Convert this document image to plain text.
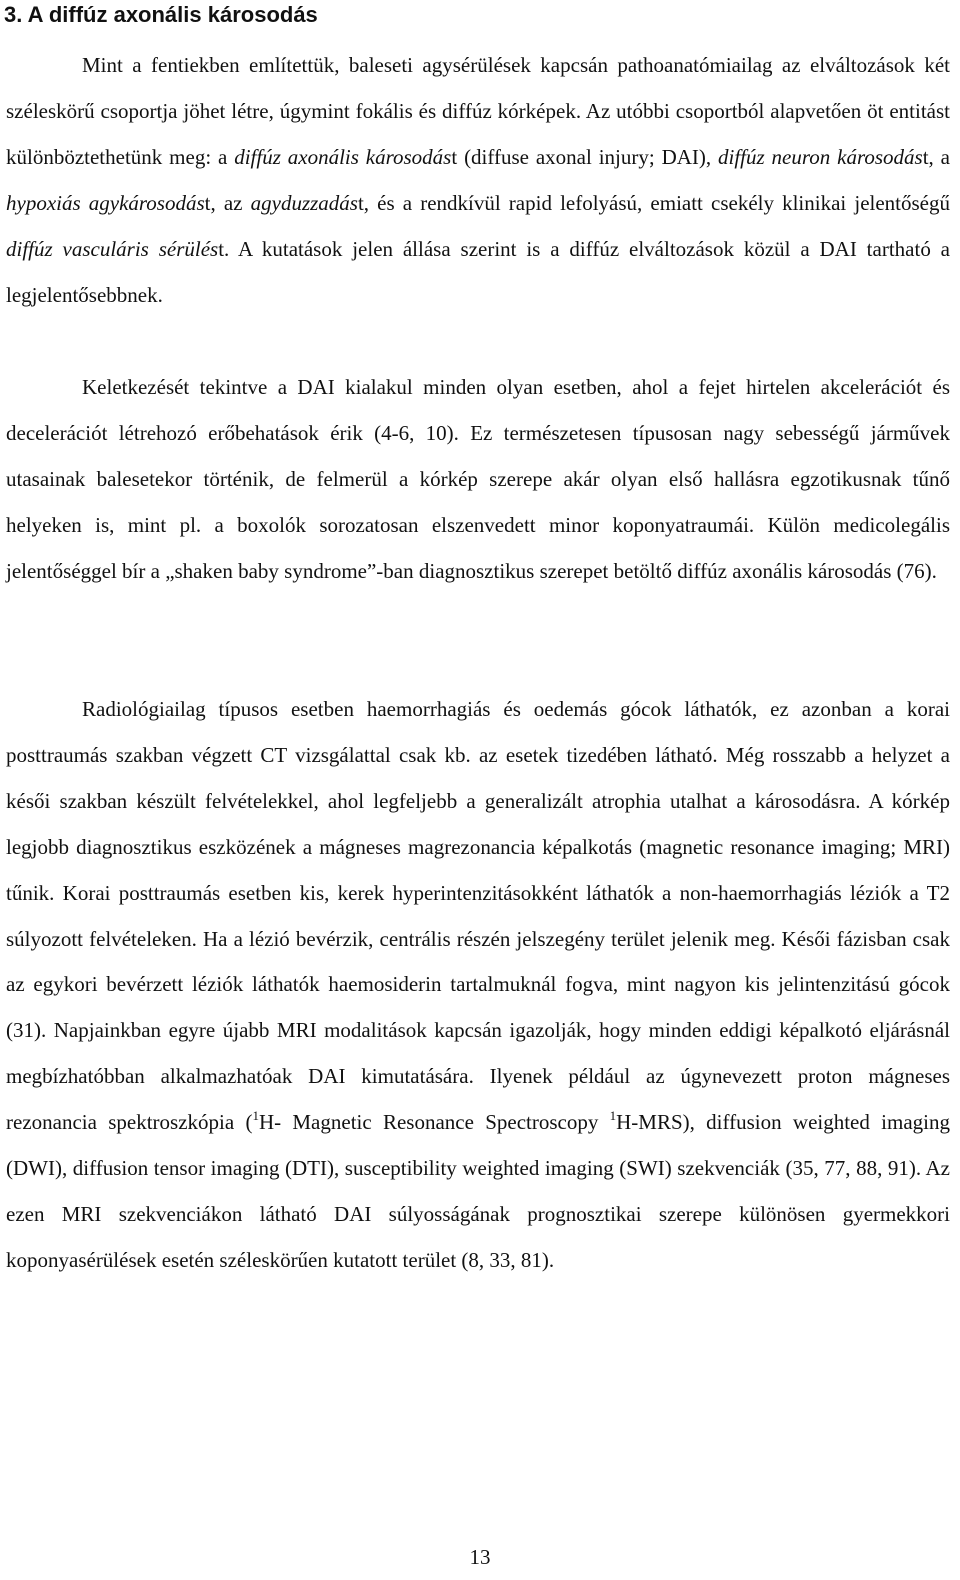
3. A diffúz axonális károsodás

Mint a fentiekben említettük, baleseti agysérülések kapcsán pathoanatómiailag az elváltozások két széleskörű csoportja jöhet létre, úgymint fokális és diffúz kórképek. Az utóbbi csoportból alapvetően öt entitást különböztethetünk meg: a diffúz axonális károsodást (diffuse axonal injury; DAI), diffúz neuron károsodást, a hypoxiás agykárosodást, az agyduzzadást, és a rendkívül rapid lefolyású, emiatt csekély klinikai jelentőségű diffúz vasculáris sérülést. A kutatások jelen állása szerint is a diffúz elváltozások közül a DAI tartható a legjelentősebbnek.

Keletkezését tekintve a DAI kialakul minden olyan esetben, ahol a fejet hirtelen akcelerációt és decelerációt létrehozó erőbehatások érik (4-6, 10). Ez természetesen típusosan nagy sebességű járművek utasainak balesetekor történik, de felmerül a kórkép szerepe akár olyan első hallásra egzotikusnak tűnő helyeken is, mint pl. a boxolók sorozatosan elszenvedett minor koponyatraumái. Külön medicolegális jelentőséggel bír a „shaken baby syndrome”-ban diagnosztikus szerepet betöltő diffúz axonális károsodás (76).

Radiológiailag típusos esetben haemorrhagiás és oedemás gócok láthatók, ez azonban a korai posttraumás szakban végzett CT vizsgálattal csak kb. az esetek tizedében látható. Még rosszabb a helyzet a késői szakban készült felvételekkel, ahol legfeljebb a generalizált atrophia utalhat a károsodásra. A kórkép legjobb diagnosztikus eszközének a mágneses magrezonancia képalkotás (magnetic resonance imaging; MRI) tűnik. Korai posttraumás esetben kis, kerek hyperintenzitásokként láthatók a non-haemorrhagiás léziók a T2 súlyozott felvételeken. Ha a lézió bevérzik, centrális részén jelszegény terület jelenik meg. Késői fázisban csak az egykori bevérzett léziók láthatók haemosiderin tartalmuknál fogva, mint nagyon kis jelintenzitású gócok (31). Napjainkban egyre újabb MRI modalitások kapcsán igazolják, hogy minden eddigi képalkotó eljárásnál megbízhatóbban alkalmazhatóak DAI kimutatására. Ilyenek például az úgynevezett proton mágneses rezonancia spektroszkópia ($^1$H- Magnetic Resonance Spectroscopy $^1$H-MRS), diffusion weighted imaging (DWI), diffusion tensor imaging (DTI), susceptibility weighted imaging (SWI) szekvenciák (35, 77, 88, 91). Az ezen MRI szekvenciákon látható DAI súlyosságának prognosztikai szerepe különösen gyermekkori koponyasérülések esetén széleskörűen kutatott terület (8, 33, 81).

13
